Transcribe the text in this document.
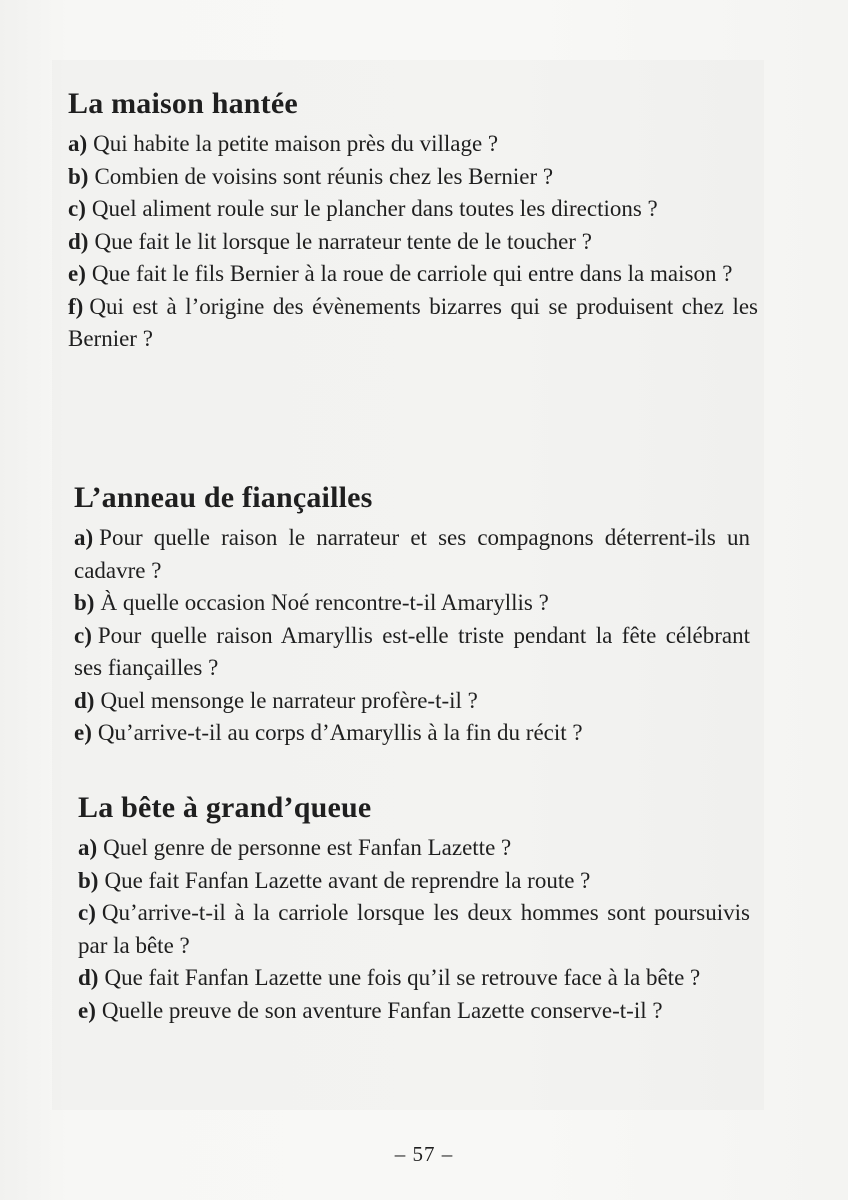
La maison hantée

a) Qui habite la petite maison près du village ?

b) Combien de voisins sont réunis chez les Bernier ?

c) Quel aliment roule sur le plancher dans toutes les directions ?

d) Que fait le lit lorsque le narrateur tente de le toucher ?

e) Que fait le fils Bernier à la roue de carriole qui entre dans la maison ?

f) Qui est à l’origine des évènements bizarres qui se produisent chez les Bernier ?

L’anneau de fiançailles

a) Pour quelle raison le narrateur et ses compagnons déterrent-ils un cadavre ?

b) À quelle occasion Noé rencontre-t-il Amaryllis ?

c) Pour quelle raison Amaryllis est-elle triste pendant la fête célébrant ses fiançailles ?

d) Quel mensonge le narrateur profère-t-il ?

e) Qu’arrive-t-il au corps d’Amaryllis à la fin du récit ?

La bête à grand’queue

a) Quel genre de personne est Fanfan Lazette ?

b) Que fait Fanfan Lazette avant de reprendre la route ?

c) Qu’arrive-t-il à la carriole lorsque les deux hommes sont poursuivis par la bête ?

d) Que fait Fanfan Lazette une fois qu’il se retrouve face à la bête ?

e) Quelle preuve de son aventure Fanfan Lazette conserve-t-il ?

– 57 –
